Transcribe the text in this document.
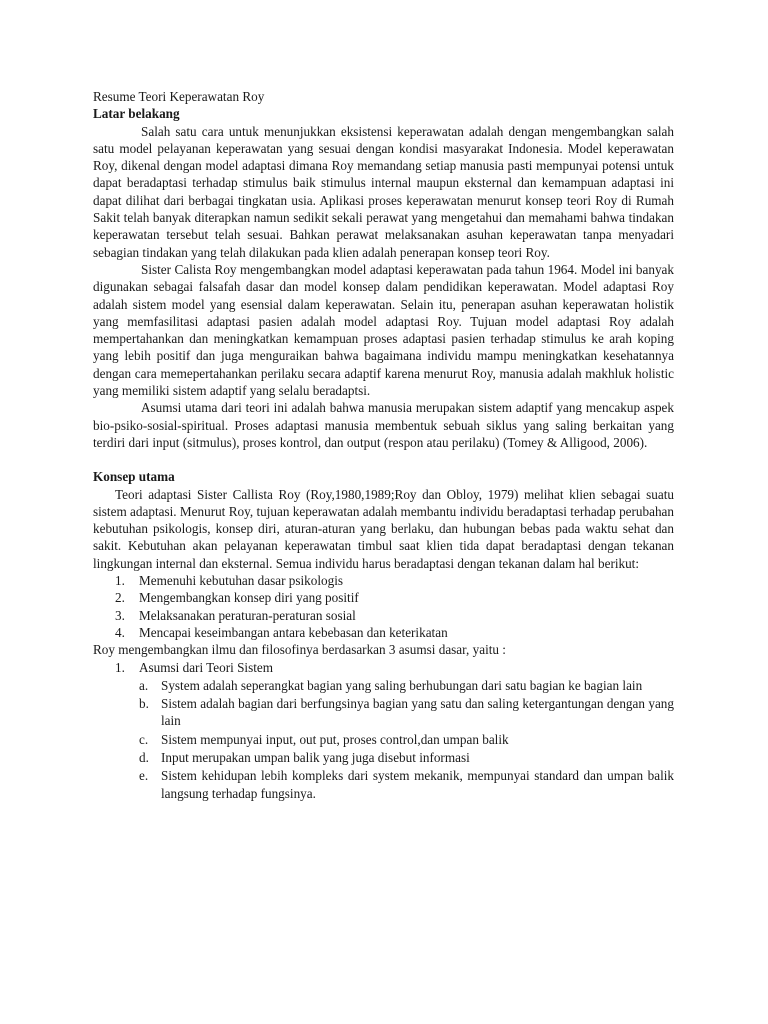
Resume Teori Keperawatan Roy

Latar belakang

Salah satu cara untuk menunjukkan eksistensi keperawatan adalah dengan mengembangkan salah satu model pelayanan keperawatan yang sesuai dengan kondisi masyarakat Indonesia. Model keperawatan Roy, dikenal dengan model adaptasi dimana Roy memandang setiap manusia pasti mempunyai potensi untuk dapat beradaptasi terhadap stimulus baik stimulus internal maupun eksternal dan kemampuan adaptasi ini dapat dilihat dari berbagai tingkatan usia. Aplikasi proses keperawatan menurut konsep teori Roy di Rumah Sakit telah banyak diterapkan namun sedikit sekali perawat yang mengetahui dan memahami bahwa tindakan keperawatan tersebut telah sesuai. Bahkan perawat melaksanakan asuhan keperawatan tanpa menyadari sebagian tindakan yang telah dilakukan pada klien adalah penerapan konsep teori Roy.

Sister Calista Roy mengembangkan model adaptasi keperawatan pada tahun 1964. Model ini banyak digunakan sebagai falsafah dasar dan model konsep dalam pendidikan keperawatan. Model adaptasi Roy adalah sistem model yang esensial dalam keperawatan. Selain itu, penerapan asuhan keperawatan holistik yang memfasilitasi adaptasi pasien adalah model adaptasi Roy. Tujuan model adaptasi Roy adalah mempertahankan dan meningkatkan kemampuan proses adaptasi pasien terhadap stimulus ke arah koping yang lebih positif dan juga menguraikan bahwa bagaimana individu mampu meningkatkan kesehatannya dengan cara memepertahankan perilaku secara adaptif karena menurut Roy, manusia adalah makhluk holistic yang memiliki sistem adaptif yang selalu beradaptsi.

Asumsi utama dari teori ini adalah bahwa manusia merupakan sistem adaptif yang mencakup aspek bio-psiko-sosial-spiritual. Proses adaptasi manusia membentuk sebuah siklus yang saling berkaitan yang terdiri dari input (sitmulus), proses kontrol, dan output (respon atau perilaku) (Tomey & Alligood, 2006).

Konsep utama

Teori adaptasi Sister Callista Roy (Roy,1980,1989;Roy dan Obloy, 1979) melihat klien sebagai suatu sistem adaptasi. Menurut Roy, tujuan keperawatan adalah membantu individu beradaptasi terhadap perubahan kebutuhan psikologis, konsep diri, aturan-aturan yang berlaku, dan hubungan bebas pada waktu sehat dan sakit. Kebutuhan akan pelayanan keperawatan timbul saat klien tida dapat beradaptasi dengan tekanan lingkungan internal dan eksternal. Semua individu harus beradaptasi dengan tekanan dalam hal berikut:

1. Memenuhi kebutuhan dasar psikologis
2. Mengembangkan konsep diri yang positif
3. Melaksanakan peraturan-peraturan sosial
4. Mencapai keseimbangan antara kebebasan dan keterikatan

Roy mengembangkan ilmu dan filosofinya berdasarkan 3 asumsi dasar, yaitu :

1. Asumsi dari Teori Sistem
a. System adalah seperangkat bagian yang saling berhubungan dari satu bagian ke bagian lain
b. Sistem adalah bagian dari berfungsinya bagian yang satu dan saling ketergantungan dengan yang lain
c. Sistem mempunyai input, out put, proses control,dan umpan balik
d. Input merupakan umpan balik yang juga disebut informasi
e. Sistem kehidupan lebih kompleks dari system mekanik, mempunyai standard dan umpan balik langsung terhadap fungsinya.
